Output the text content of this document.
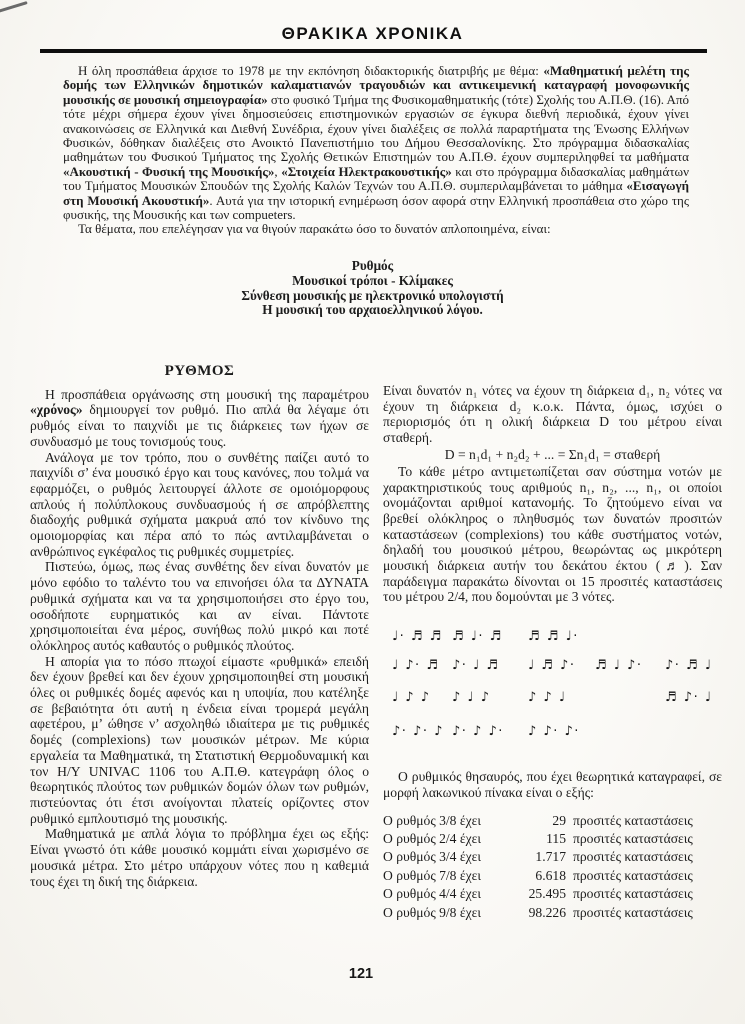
ΘΡΑΚΙΚΑ ΧΡΟΝΙΚΑ

Η όλη προσπάθεια άρχισε το 1978 με την εκπόνηση διδακτορικής διατριβής με θέμα: «Μαθηματική μελέτη της δομής των Ελληνικών δημοτικών καλαματιανών τραγουδιών και αντικειμενική καταγραφή μονοφωνικής μουσικής σε μουσική σημειογραφία» στο φυσικό Τμήμα της Φυσικομαθηματικής (τότε) Σχολής του Α.Π.Θ. (16). Από τότε μέχρι σήμερα έχουν γίνει δημοσιεύσεις επιστημονικών εργασιών σε έγκυρα διεθνή περιοδικά, έχουν γίνει ανακοινώσεις σε Ελληνικά και Διεθνή Συνέδρια, έχουν γίνει διαλέξεις σε πολλά παραρτήματα της Ένωσης Ελλήνων Φυσικών, δόθηκαν διαλέξεις στο Ανοικτό Πανεπιστήμιο του Δήμου Θεσσαλονίκης. Στο πρόγραμμα διδασκαλίας μαθημάτων του Φυσικού Τμήματος της Σχολής Θετικών Επιστημών του Α.Π.Θ. έχουν συμπεριληφθεί τα μαθήματα «Ακουστική - Φυσική της Μουσικής», «Στοιχεία Ηλεκτρακουστικής» και στο πρόγραμμα διδασκαλίας μαθημάτων του Τμήματος Μουσικών Σπουδών της Σχολής Καλών Τεχνών του Α.Π.Θ. συμπεριλαμβάνεται το μάθημα «Εισαγωγή στη Μουσική Ακουστική». Αυτά για την ιστορική ενημέρωση όσον αφορά στην Ελληνική προσπάθεια στο χώρο της φυσικής, της Μουσικής και των compueters.

Τα θέματα, που επελέγησαν για να θιγούν παρακάτω όσο το δυνατόν απλοποιημένα, είναι:

Ρυθμός
Μουσικοί τρόποι - Κλίμακες
Σύνθεση μουσικής με ηλεκτρονικό υπολογιστή
Η μουσική του αρχαιοελληνικού λόγου.
ΡΥΘΜΟΣ

Η προσπάθεια οργάνωσης στη μουσική της παραμέτρου «χρόνος» δημιουργεί τον ρυθμό. Πιο απλά θα λέγαμε ότι ρυθμός είναι το παιχνίδι με τις διάρκειες των ήχων σε συνδυασμό με τους τονισμούς τους.

Ανάλογα με τον τρόπο, που ο συνθέτης παίζει αυτό το παιχνίδι σ’ ένα μουσικό έργο και τους κανόνες, που τολμά να εφαρμόζει, ο ρυθμός λειτουργεί άλλοτε σε ομοιόμορφους απλούς ή πολύπλοκους συνδυασμούς ή σε απρόβλεπτης διαδοχής ρυθμικά σχήματα μακρυά από τον κίνδυνο της ομοιομορφίας και πέρα από το πώς αντιλαμβάνεται ο ανθρώπινος εγκέφαλος τις ρυθμικές συμμετρίες.

Πιστεύω, όμως, πως ένας συνθέτης δεν είναι δυνατόν με μόνο εφόδιο το ταλέντο του να επινοήσει όλα τα ΔΥΝΑΤΑ ρυθμικά σχήματα και να τα χρησιμοποιήσει στο έργο του, οσοδήποτε ευρηματικός και αν είναι. Πάντοτε χρησιμοποιείται ένα μέρος, συνήθως πολύ μικρό και ποτέ ολόκληρος αυτός καθαυτός ο ρυθμικός πλούτος.

Η απορία για το πόσο πτωχοί είμαστε «ρυθμικά» επειδή δεν έχουν βρεθεί και δεν έχουν χρησιμοποιηθεί στη μουσική όλες οι ρυθμικές δομές αφενός και η υποψία, που κατέληξε σε βεβαιότητα ότι αυτή η ένδεια είναι τρομερά μεγάλη αφετέρου, μ’ ώθησε ν’ ασχοληθώ ιδιαίτερα με τις ρυθμικές δομές (complexions) των μουσικών μέτρων. Με κύρια εργαλεία τα Μαθηματικά, τη Στατιστική Θερμοδυναμική και τον Η/Υ UNIVAC 1106 του Α.Π.Θ. κατεγράφη όλος ο θεωρητικός πλούτος των ρυθμικών δομών όλων των ρυθμών, πιστεύοντας ότι έτσι ανοίγονται πλατείς ορίζοντες στον ρυθμικό εμπλουτισμό της μουσικής.

Μαθηματικά με απλά λόγια το πρόβλημα έχει ως εξής: Είναι γνωστό ότι κάθε μουσικό κομμάτι είναι χωρισμένο σε μουσικά μέτρα. Στο μέτρο υπάρχουν νότες που η καθεμιά τους έχει τη δική της διάρκεια.

Είναι δυνατόν n₁ νότες να έχουν τη διάρκεια d₁, n₂ νότες να έχουν τη διάρκεια d₂ κ.ο.κ. Πάντα, όμως, ισχύει ο περιορισμός ότι η ολική διάρκεια D του μέτρου είναι σταθερή.

D = n₁d₁ + n₂d₂ + ... = Σn₁d₁ = σταθερή

Το κάθε μέτρο αντιμετωπίζεται σαν σύστημα νοτών με χαρακτηριστικούς τους αριθμούς n₁, n₂, ..., n₁, οι οποίοι ονομάζονται αριθμοί κατανομής. Το ζητούμενο είναι να βρεθεί ολόκληρος ο πληθυσμός των δυνατών προσιτών καταστάσεων (complexions) του κάθε συστήματος νοτών, δηλαδή του μουσικού μέτρου, θεωρώντας ως μικρότερη μουσική διάρκεια αυτήν του δεκάτου έκτου (♬). Σαν παράδειγμα παρακάτω δίνονται οι 15 προσιτές καταστάσεις του μέτρου 2/4, που δομούνται με 3 νότες.

♩· ♬ ♬ ♬ ♩· ♬ ♬ ♬ ♩·
♩ ♪· ♬ ♪· ♩ ♬ ♩ ♬ ♪· ♬ ♩ ♪· ♪· ♬ ♩
♩ ♪ ♪ ♪ ♩ ♪	♪ ♪ ♩	♬ ♪· ♩
♪· ♪· ♪ ♪· ♪ ♪· ♪ ♪· ♪·

Ο ρυθμικός θησαυρός, που έχει θεωρητικά καταγραφεί, σε μορφή λακωνικού πίνακα είναι ο εξής:

Ο ρυθμός 3/8 έχει	29 προσιτές καταστάσεις
Ο ρυθμός 2/4 έχει	115 προσιτές καταστάσεις
Ο ρυθμός 3/4 έχει	1.717 προσιτές καταστάσεις
Ο ρυθμός 7/8 έχει	6.618 προσιτές καταστάσεις
Ο ρυθμός 4/4 έχει	25.495 προσιτές καταστάσεις
Ο ρυθμός 9/8 έχει	98.226 προσιτές καταστάσεις
121
